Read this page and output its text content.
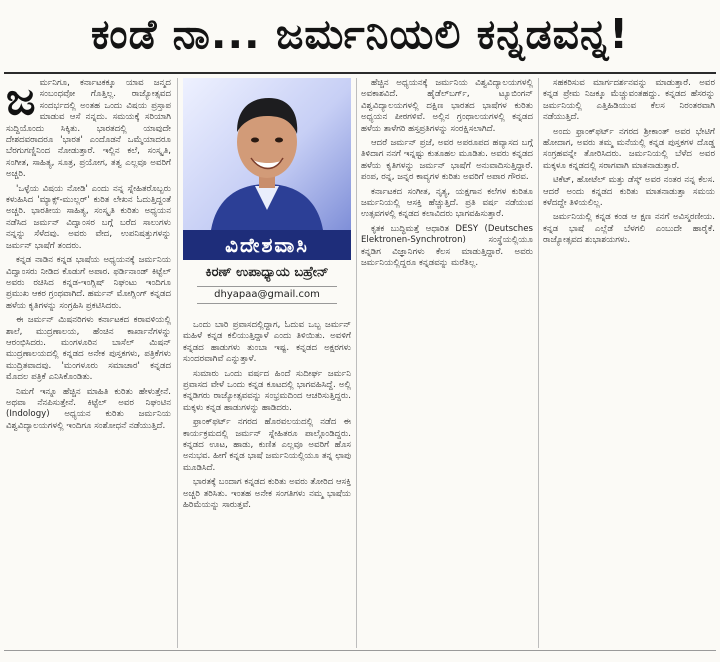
ಕಂಡೆ ನಾ... ಜರ್ಮನಿಯಲಿ ಕನ್ನಡವನ್ನ!
ಜ ರ್ಮನಿಗೂ, ಕರ್ನಾಟಕಕ್ಕೂ ಯಾವ ಜನ್ಮದ ಸಂಬಂಧವೋ ಗೊತ್ತಿಲ್ಲ. ರಾಜ್ಯೋತ್ಸವದ ಸಂದರ್ಭದಲ್ಲಿ ಅಂತಹ ಒಂದು ವಿಷಯ ಪ್ರಸ್ತಾಪ ಮಾಡುವ ಆಸೆ ನನ್ನದು. ಸಮಯಕ್ಕೆ ಸರಿಯಾಗಿ ಸುದ್ದಿಯೊಂದು ಸಿಕ್ಕಿತು. ಭಾರತದಲ್ಲಿ ಯಾವುದೇ ದೇಶದವರಾದರೂ 'ಭಾರತ' ಎಂದೊಡನೆ ಒಮ್ಮೆಯಾದರೂ ಬೆರಗುಗಣ್ಣಿನಿಂದ ನೋಡುತ್ತಾರೆ. ಇಲ್ಲಿನ ಕಲೆ, ಸಂಸ್ಕೃತಿ, ಸಂಗೀತ, ಸಾಹಿತ್ಯ, ಸೂತ್ರ, ಪ್ರಯೋಗ, ತತ್ವ ಎಲ್ಲವೂ ಅವರಿಗೆ ಅಚ್ಚರಿ.

'ಒಳ್ಳೆಯ ವಿಷಯ ನೋಡಿ' ಎಂದು ನನ್ನ ಸ್ನೇಹಿತರೊಬ್ಬರು ಕಳುಹಿಸಿದ 'ಮ್ಯಾಕ್ಸ್-ಮುಲ್ಲರ್' ಕುರಿತ ಲೇಖನ ಓದುತ್ತಿದ್ದಂತೆ ಅಚ್ಚರಿ. ಭಾರತೀಯ ಸಾಹಿತ್ಯ, ಸಂಸ್ಕೃತಿ ಕುರಿತು ಅಧ್ಯಯನ ನಡೆಸಿದ ಜರ್ಮನ್ ವಿದ್ವಾಂಸರ ಬಗ್ಗೆ ಬರೆದ ಸಾಲುಗಳು ನನ್ನನ್ನು ಸೆಳೆದವು. ಅವರು ವೇದ, ಉಪನಿಷತ್ತುಗಳನ್ನು ಜರ್ಮನ್ ಭಾಷೆಗೆ ತಂದರು.

ಕನ್ನಡ ನಾಡಿನ ಕನ್ನಡ ಭಾಷೆಯ ಅಧ್ಯಯನಕ್ಕೆ ಜರ್ಮನಿಯ ವಿದ್ವಾಂಸರು ನೀಡಿದ ಕೊಡುಗೆ ಅಪಾರ. ಫರ್ಡಿನಾಂಡ್ ಕಿಟ್ಟೆಲ್ ಅವರು ರಚಿಸಿದ ಕನ್ನಡ-ಇಂಗ್ಲಿಷ್ ನಿಘಂಟು ಇಂದಿಗೂ ಪ್ರಮುಖ ಆಕರ ಗ್ರಂಥವಾಗಿದೆ. ಹರ್ಮನ್ ಮೋಗ್ಲಿಂಗ್ ಕನ್ನಡದ ಹಳೆಯ ಕೃತಿಗಳನ್ನು ಸಂಗ್ರಹಿಸಿ ಪ್ರಕಟಿಸಿದರು.

ಈ ಜರ್ಮನ್ ಮಿಷನರಿಗಳು ಕರ್ನಾಟಕದ ಕರಾವಳಿಯಲ್ಲಿ ಶಾಲೆ, ಮುದ್ರಣಾಲಯ, ಹೆಂಚಿನ ಕಾರ್ಖಾನೆಗಳನ್ನು ಆರಂಭಿಸಿದರು. ಮಂಗಳೂರಿನ ಬಾಸೆಲ್ ಮಿಷನ್ ಮುದ್ರಣಾಲಯದಲ್ಲಿ ಕನ್ನಡದ ಅನೇಕ ಪುಸ್ತಕಗಳು, ಪತ್ರಿಕೆಗಳು ಮುದ್ರಿತವಾದವು. 'ಮಂಗಳೂರು ಸಮಾಚಾರ' ಕನ್ನಡದ ಮೊದಲ ಪತ್ರಿಕೆ ಎನಿಸಿಕೊಂಡಿತು.

ನಿಮಗೆ ಇನ್ನೂ ಹೆಚ್ಚಿನ ಮಾಹಿತಿ ಕುರಿತು ಹೇಳುತ್ತೇನೆ. ಅಥವಾ ನೆನಪಿಸುತ್ತೇನೆ. ಕಿಟ್ಟೆಲ್ ಅವರ ನಿಘಂಟಿನ (Indology) ಅಧ್ಯಯನ ಕುರಿತು ಜರ್ಮನಿಯ ವಿಶ್ವವಿದ್ಯಾಲಯಗಳಲ್ಲಿ ಇಂದಿಗೂ ಸಂಶೋಧನೆ ನಡೆಯುತ್ತಿದೆ.

ವಿದೇಶವಾಸಿ
ಕಿರಣ್ ಉಪಾಧ್ಯಾಯ ಬಹ್ರೇನ್
dhyapaa@gmail.com

ಒಂದು ಬಾರಿ ಪ್ರವಾಸದಲ್ಲಿದ್ದಾಗ, ಓದುವ ಒಬ್ಬ ಜರ್ಮನ್ ಮಹಿಳೆ ಕನ್ನಡ ಕಲಿಯುತ್ತಿದ್ದಾಳೆ ಎಂದು ತಿಳಿಯಿತು. ಅವಳಿಗೆ ಕನ್ನಡದ ಹಾಡುಗಳು ತುಂಬಾ ಇಷ್ಟ. ಕನ್ನಡದ ಅಕ್ಷರಗಳು ಸುಂದರವಾಗಿವೆ ಎನ್ನುತ್ತಾಳೆ.

ಸುಮಾರು ಒಂದು ವರ್ಷದ ಹಿಂದೆ ಸುದೀರ್ಘ ಜರ್ಮನಿ ಪ್ರವಾಸದ ವೇಳೆ ಒಂದು ಕನ್ನಡ ಕೂಟದಲ್ಲಿ ಭಾಗವಹಿಸಿದ್ದೆ. ಅಲ್ಲಿ ಕನ್ನಡಿಗರು ರಾಜ್ಯೋತ್ಸವವನ್ನು ಸಂಭ್ರಮದಿಂದ ಆಚರಿಸುತ್ತಿದ್ದರು. ಮಕ್ಕಳು ಕನ್ನಡ ಹಾಡುಗಳನ್ನು ಹಾಡಿದರು.

ಫ್ರಾಂಕ್‌ಫರ್ಟ್ ನಗರದ ಹೊರವಲಯದಲ್ಲಿ ನಡೆದ ಈ ಕಾರ್ಯಕ್ರಮದಲ್ಲಿ ಜರ್ಮನ್ ಸ್ನೇಹಿತರೂ ಪಾಲ್ಗೊಂಡಿದ್ದರು. ಕನ್ನಡದ ಊಟ, ಹಾಡು, ಕುಣಿತ ಎಲ್ಲವೂ ಅವರಿಗೆ ಹೊಸ ಅನುಭವ. ಹೀಗೆ ಕನ್ನಡ ಭಾಷೆ ಜರ್ಮನಿಯಲ್ಲಿಯೂ ತನ್ನ ಛಾಪು ಮೂಡಿಸಿದೆ.

ಭಾರತಕ್ಕೆ ಬಂದಾಗ ಕನ್ನಡದ ಕುರಿತು ಅವರು ತೋರಿದ ಆಸಕ್ತಿ ಅಚ್ಚರಿ ತರಿಸಿತು. ಇಂತಹ ಅನೇಕ ಸಂಗತಿಗಳು ನಮ್ಮ ಭಾಷೆಯ ಹಿರಿಮೆಯನ್ನು ಸಾರುತ್ತವೆ.

ಹೆಚ್ಚಿನ ಅಧ್ಯಯನಕ್ಕೆ ಜರ್ಮನಿಯ ವಿಶ್ವವಿದ್ಯಾಲಯಗಳಲ್ಲಿ ಅವಕಾಶವಿದೆ. ಹೈಡೆಲ್‌ಬರ್ಗ್, ಟ್ಯೂಬಿಂಗನ್ ವಿಶ್ವವಿದ್ಯಾಲಯಗಳಲ್ಲಿ ದಕ್ಷಿಣ ಭಾರತದ ಭಾಷೆಗಳ ಕುರಿತು ಅಧ್ಯಯನ ಪೀಠಗಳಿವೆ. ಅಲ್ಲಿನ ಗ್ರಂಥಾಲಯಗಳಲ್ಲಿ ಕನ್ನಡದ ಹಳೆಯ ತಾಳೆಗರಿ ಹಸ್ತಪ್ರತಿಗಳನ್ನು ಸಂರಕ್ಷಿಸಲಾಗಿದೆ.

ಆದರೆ ಜರ್ಮನ್ ಪ್ರಜೆ, ಅವರ ಅಪರೂಪದ ಹವ್ಯಾಸದ ಬಗ್ಗೆ ತಿಳಿದಾಗ ನನಗೆ ಇನ್ನಷ್ಟು ಕುತೂಹಲ ಮೂಡಿತು. ಅವರು ಕನ್ನಡದ ಹಳೆಯ ಕೃತಿಗಳನ್ನು ಜರ್ಮನ್ ಭಾಷೆಗೆ ಅನುವಾದಿಸುತ್ತಿದ್ದಾರೆ. ಪಂಪ, ರನ್ನ, ಜನ್ನರ ಕಾವ್ಯಗಳ ಕುರಿತು ಅವರಿಗೆ ಅಪಾರ ಗೌರವ.

ಕರ್ನಾಟಕದ ಸಂಗೀತ, ನೃತ್ಯ, ಯಕ್ಷಗಾನ ಕಲೆಗಳ ಕುರಿತೂ ಜರ್ಮನಿಯಲ್ಲಿ ಆಸಕ್ತಿ ಹೆಚ್ಚುತ್ತಿದೆ. ಪ್ರತಿ ವರ್ಷ ನಡೆಯುವ ಉತ್ಸವಗಳಲ್ಲಿ ಕನ್ನಡದ ಕಲಾವಿದರು ಭಾಗವಹಿಸುತ್ತಾರೆ.

ಕೃತಕ ಬುದ್ಧಿಮತ್ತೆ ಆಧಾರಿತ DESY (Deutsches Elektronen-Synchrotron) ಸಂಸ್ಥೆಯಲ್ಲಿಯೂ ಕನ್ನಡಿಗ ವಿಜ್ಞಾನಿಗಳು ಕೆಲಸ ಮಾಡುತ್ತಿದ್ದಾರೆ. ಅವರು ಜರ್ಮನಿಯಲ್ಲಿದ್ದರೂ ಕನ್ನಡವನ್ನು ಮರೆತಿಲ್ಲ.

ಸಹಕರಿಸುವ ಮಾರ್ಗದರ್ಶನವನ್ನು ಮಾಡುತ್ತಾರೆ. ಅವರ ಕನ್ನಡ ಪ್ರೇಮ ನಿಜಕ್ಕೂ ಮೆಚ್ಚುವಂತಹದ್ದು. ಕನ್ನಡದ ಹೆಸರನ್ನು ಜರ್ಮನಿಯಲ್ಲಿ ಎತ್ತಿಹಿಡಿಯುವ ಕೆಲಸ ನಿರಂತರವಾಗಿ ನಡೆಯುತ್ತಿದೆ.

ಅಂದು ಫ್ರಾಂಕ್‌ಫರ್ಟ್ ನಗರದ ಶ್ರೀಕಾಂತ್ ಅವರ ಭೇಟಿಗೆ ಹೋದಾಗ, ಅವರು ತಮ್ಮ ಮನೆಯಲ್ಲಿ ಕನ್ನಡ ಪುಸ್ತಕಗಳ ದೊಡ್ಡ ಸಂಗ್ರಹವನ್ನೇ ತೋರಿಸಿದರು. ಜರ್ಮನಿಯಲ್ಲಿ ಬೆಳೆದ ಅವರ ಮಕ್ಕಳೂ ಕನ್ನಡದಲ್ಲಿ ಸರಾಗವಾಗಿ ಮಾತನಾಡುತ್ತಾರೆ.

ಟಿಕೆಟ್, ಹೋಟೆಲ್ ಮತ್ತು ಡೆಸ್ಕ್ ಅವರ ನಂತರ ನನ್ನ ಕೆಲಸ. ಆದರೆ ಅಂದು ಕನ್ನಡದ ಕುರಿತು ಮಾತನಾಡುತ್ತಾ ಸಮಯ ಕಳೆದದ್ದೇ ತಿಳಿಯಲಿಲ್ಲ.

ಜರ್ಮನಿಯಲ್ಲಿ ಕನ್ನಡ ಕಂಡ ಆ ಕ್ಷಣ ನನಗೆ ಅವಿಸ್ಮರಣೀಯ. ಕನ್ನಡ ಭಾಷೆ ಎಲ್ಲೆಡೆ ಬೆಳಗಲಿ ಎಂಬುದೇ ಹಾರೈಕೆ. ರಾಜ್ಯೋತ್ಸವದ ಶುಭಾಶಯಗಳು.
